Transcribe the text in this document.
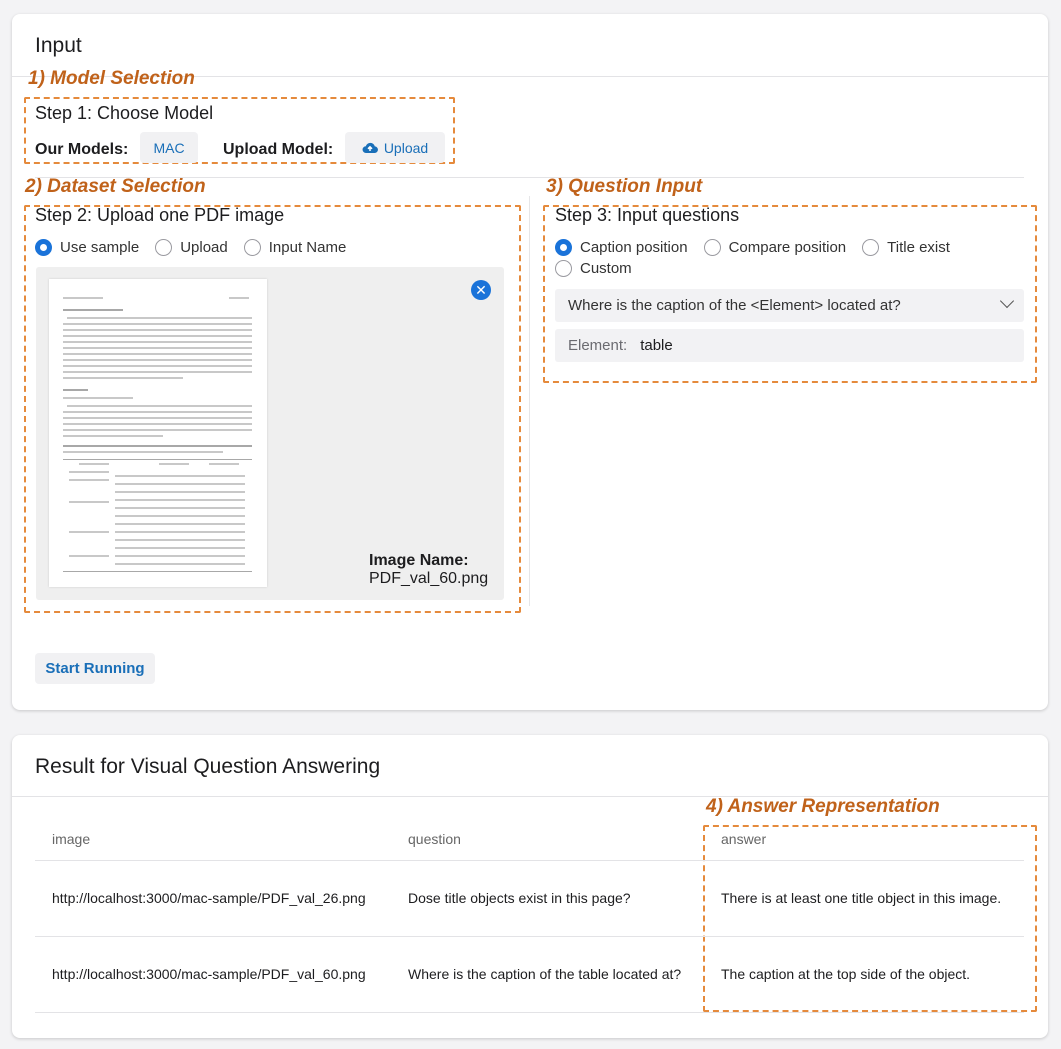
Input
1) Model Selection
Step 1: Choose Model
Our Models:	MAC	Upload Model:	Upload
2) Dataset Selection
Step 2: Upload one PDF image
Use sample	Upload	Input Name
✕
Image Name:
PDF_val_60.png
3) Question Input
Step 3: Input questions
Caption position	Compare position	Title exist
Custom
Where is the caption of the <Element> located at?
Element: table
Start Running
Result for Visual Question Answering
4) Answer Representation
image	question	answer
http://localhost:3000/mac-sample/PDF_val_26.png	Dose title objects exist in this page?	There is at least one title object in this image.
http://localhost:3000/mac-sample/PDF_val_60.png	Where is the caption of the table located at?	The caption at the top side of the object.
